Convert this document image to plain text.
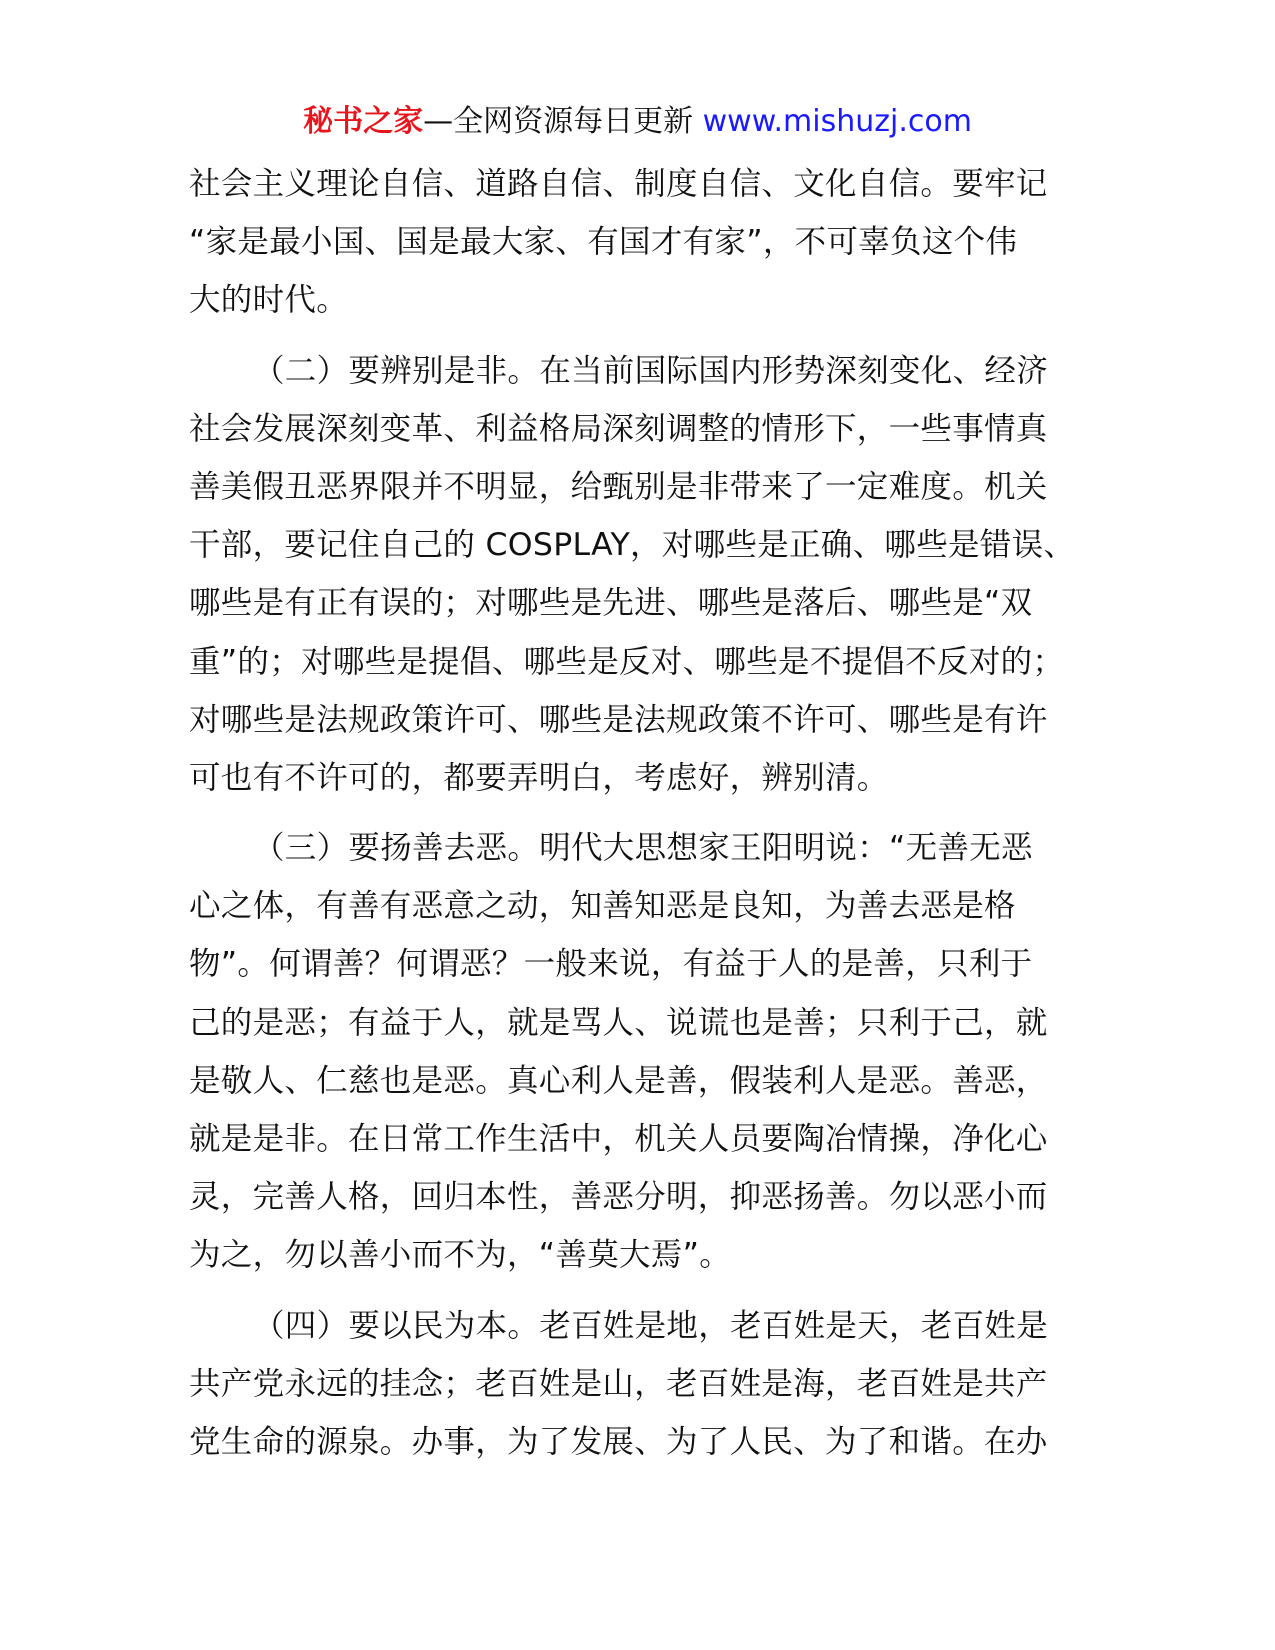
秘书之家—全网资源每日更新 www.mishuzj.com
社会主义理论自信、道路自信、制度自信、文化自信。要牢记
“家是最小国、国是最大家、有国才有家”，不可辜负这个伟
大的时代。
（二）要辨别是非。在当前国际国内形势深刻变化、经济
社会发展深刻变革、利益格局深刻调整的情形下，一些事情真
善美假丑恶界限并不明显，给甄别是非带来了一定难度。机关
干部，要记住自己的 COSPLAY，对哪些是正确、哪些是错误、
哪些是有正有误的；对哪些是先进、哪些是落后、哪些是“双
重”的；对哪些是提倡、哪些是反对、哪些是不提倡不反对的；
对哪些是法规政策许可、哪些是法规政策不许可、哪些是有许
可也有不许可的，都要弄明白，考虑好，辨别清。
（三）要扬善去恶。明代大思想家王阳明说：“无善无恶
心之体，有善有恶意之动，知善知恶是良知，为善去恶是格
物”。何谓善？何谓恶？一般来说，有益于人的是善，只利于
己的是恶；有益于人，就是骂人、说谎也是善；只利于己，就
是敬人、仁慈也是恶。真心利人是善，假装利人是恶。善恶，
就是是非。在日常工作生活中，机关人员要陶冶情操，净化心
灵，完善人格，回归本性，善恶分明，抑恶扬善。勿以恶小而
为之，勿以善小而不为，“善莫大焉”。
（四）要以民为本。老百姓是地，老百姓是天，老百姓是
共产党永远的挂念；老百姓是山，老百姓是海，老百姓是共产
党生命的源泉。办事，为了发展、为了人民、为了和谐。在办
